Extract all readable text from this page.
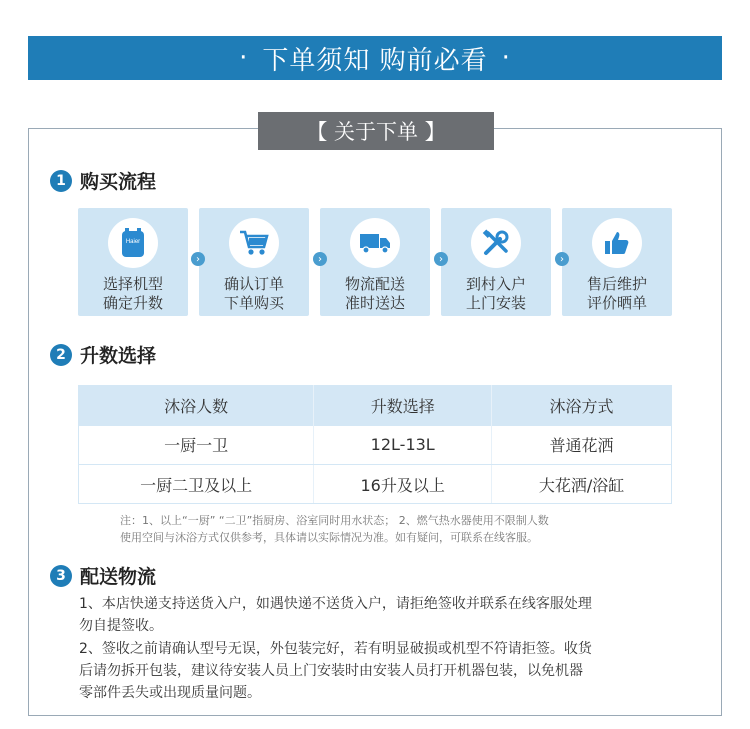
· 下单须知 购前必看 ·
【 关于下单 】
1 购买流程
Haier
选择机型
确定升数
›
确认订单
下单购买
›
物流配送
准时送达
›
到村入户
上门安装
›
售后维护
评价晒单
2 升数选择
沐浴人数	升数选择	沐浴方式
一厨一卫	12L-13L	普通花洒
一厨二卫及以上	16升及以上	大花洒/浴缸
注：1、以上“一厨” “二卫”指厨房、浴室同时用水状态； 2、燃气热水器使用不限制人数
使用空间与沐浴方式仅供参考，具体请以实际情况为准。如有疑问，可联系在线客服。
3 配送物流
1、本店快递支持送货入户，如遇快递不送货入户，请拒绝签收并联系在线客服处理
勿自提签收。
2、签收之前请确认型号无误，外包装完好，若有明显破损或机型不符请拒签。收货
后请勿拆开包装，建议待安装人员上门安装时由安装人员打开机器包装，以免机器
零部件丢失或出现质量问题。
